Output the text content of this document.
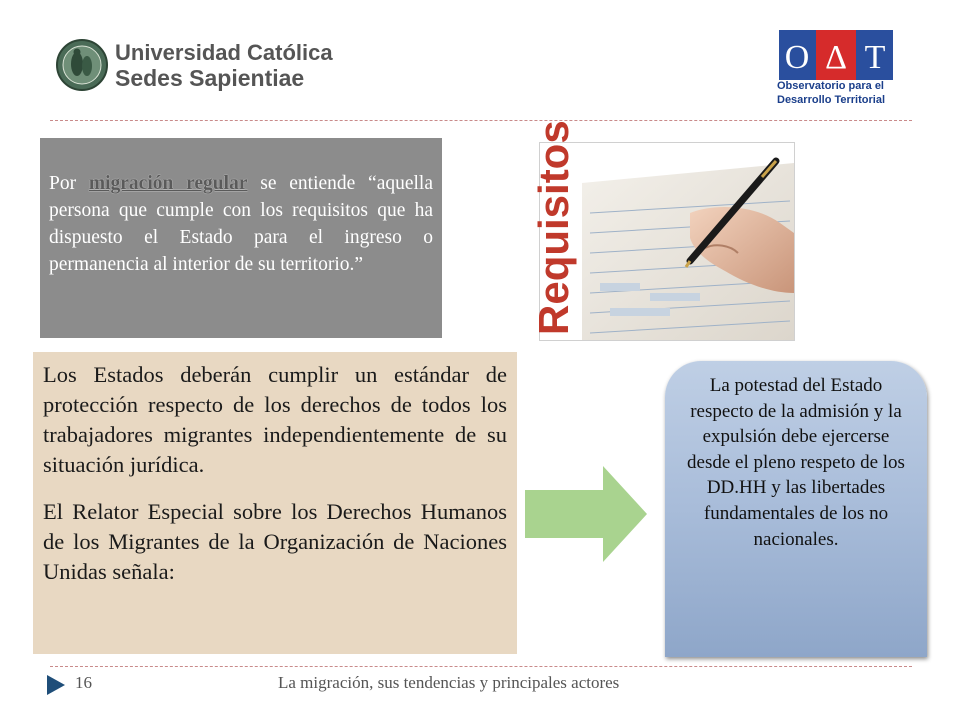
Universidad Católica
Sedes Sapientiae
O Δ T
Observatorio para el
Desarrollo Territorial
Por migración regular se entiende “aquella persona que cumple con los requisitos que ha dispuesto el Estado para el ingreso o permanencia al interior de su territorio.”	Requisitos

Los Estados deberán cumplir un estándar de protección respecto de los derechos de todos los trabajadores migrantes independientemente de su situación jurídica.

El Relator Especial sobre los Derechos Humanos de los Migrantes de la Organización de Naciones Unidas señala:

La potestad del Estado respecto de la admisión y la expulsión debe ejercerse desde el pleno respeto de los DD.HH y las libertades fundamentales de los no nacionales.
16	La migración, sus tendencias y principales actores
